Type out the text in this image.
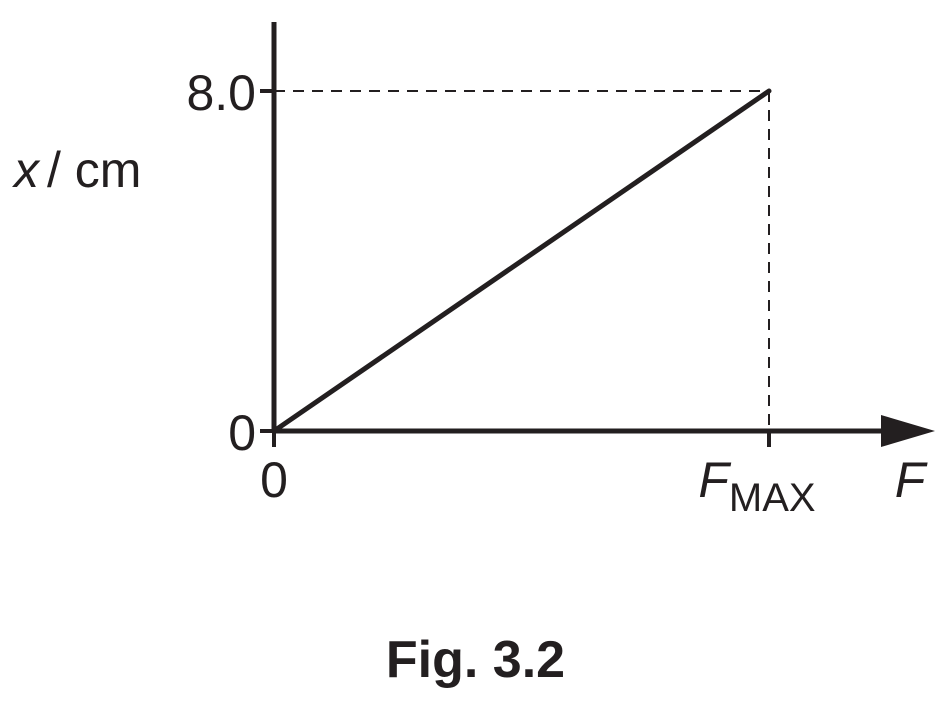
0
8.0
0	FMAX
x / cm
F
Fig. 3.2
